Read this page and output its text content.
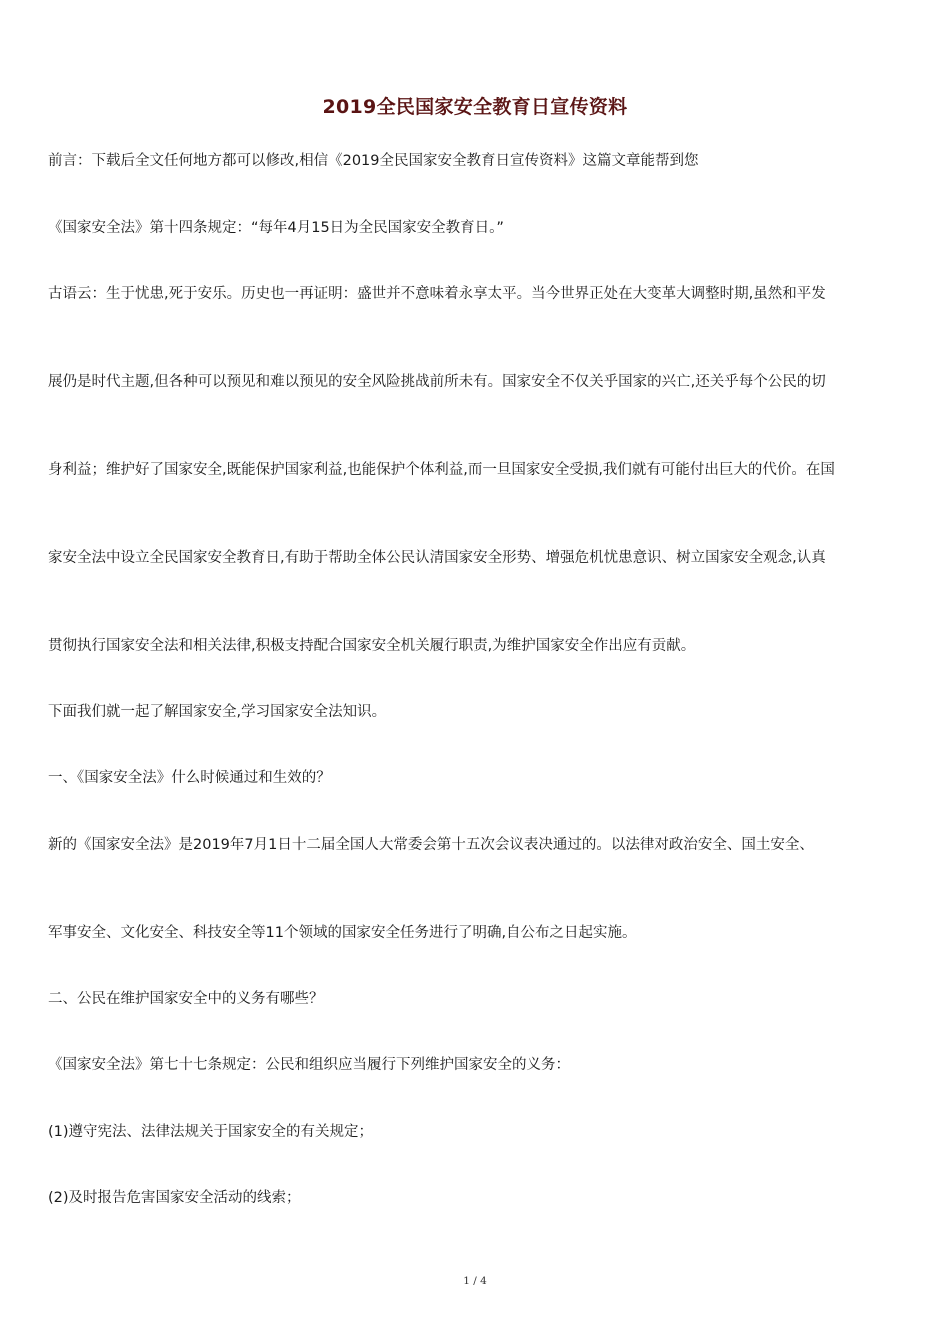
2019全民国家安全教育日宣传资料
前言：下载后全文任何地方都可以修改,相信《2019全民国家安全教育日宣传资料》这篇文章能帮到您
《国家安全法》第十四条规定：“每年4月15日为全民国家安全教育日。”
古语云：生于忧患,死于安乐。历史也一再证明：盛世并不意味着永享太平。当今世界正处在大变革大调整时期,虽然和平发
展仍是时代主题,但各种可以预见和难以预见的安全风险挑战前所未有。国家安全不仅关乎国家的兴亡,还关乎每个公民的切
身利益；维护好了国家安全,既能保护国家利益,也能保护个体利益,而一旦国家安全受损,我们就有可能付出巨大的代价。在国
家安全法中设立全民国家安全教育日,有助于帮助全体公民认清国家安全形势、增强危机忧患意识、树立国家安全观念,认真
贯彻执行国家安全法和相关法律,积极支持配合国家安全机关履行职责,为维护国家安全作出应有贡献。
下面我们就一起了解国家安全,学习国家安全法知识。
一、《国家安全法》什么时候通过和生效的？
新的《国家安全法》是2019年7月1日十二届全国人大常委会第十五次会议表决通过的。以法律对政治安全、国土安全、
军事安全、文化安全、科技安全等11个领域的国家安全任务进行了明确,自公布之日起实施。
二、公民在维护国家安全中的义务有哪些？
《国家安全法》第七十七条规定：公民和组织应当履行下列维护国家安全的义务：
(1)遵守宪法、法律法规关于国家安全的有关规定；
(2)及时报告危害国家安全活动的线索；
1 / 4
